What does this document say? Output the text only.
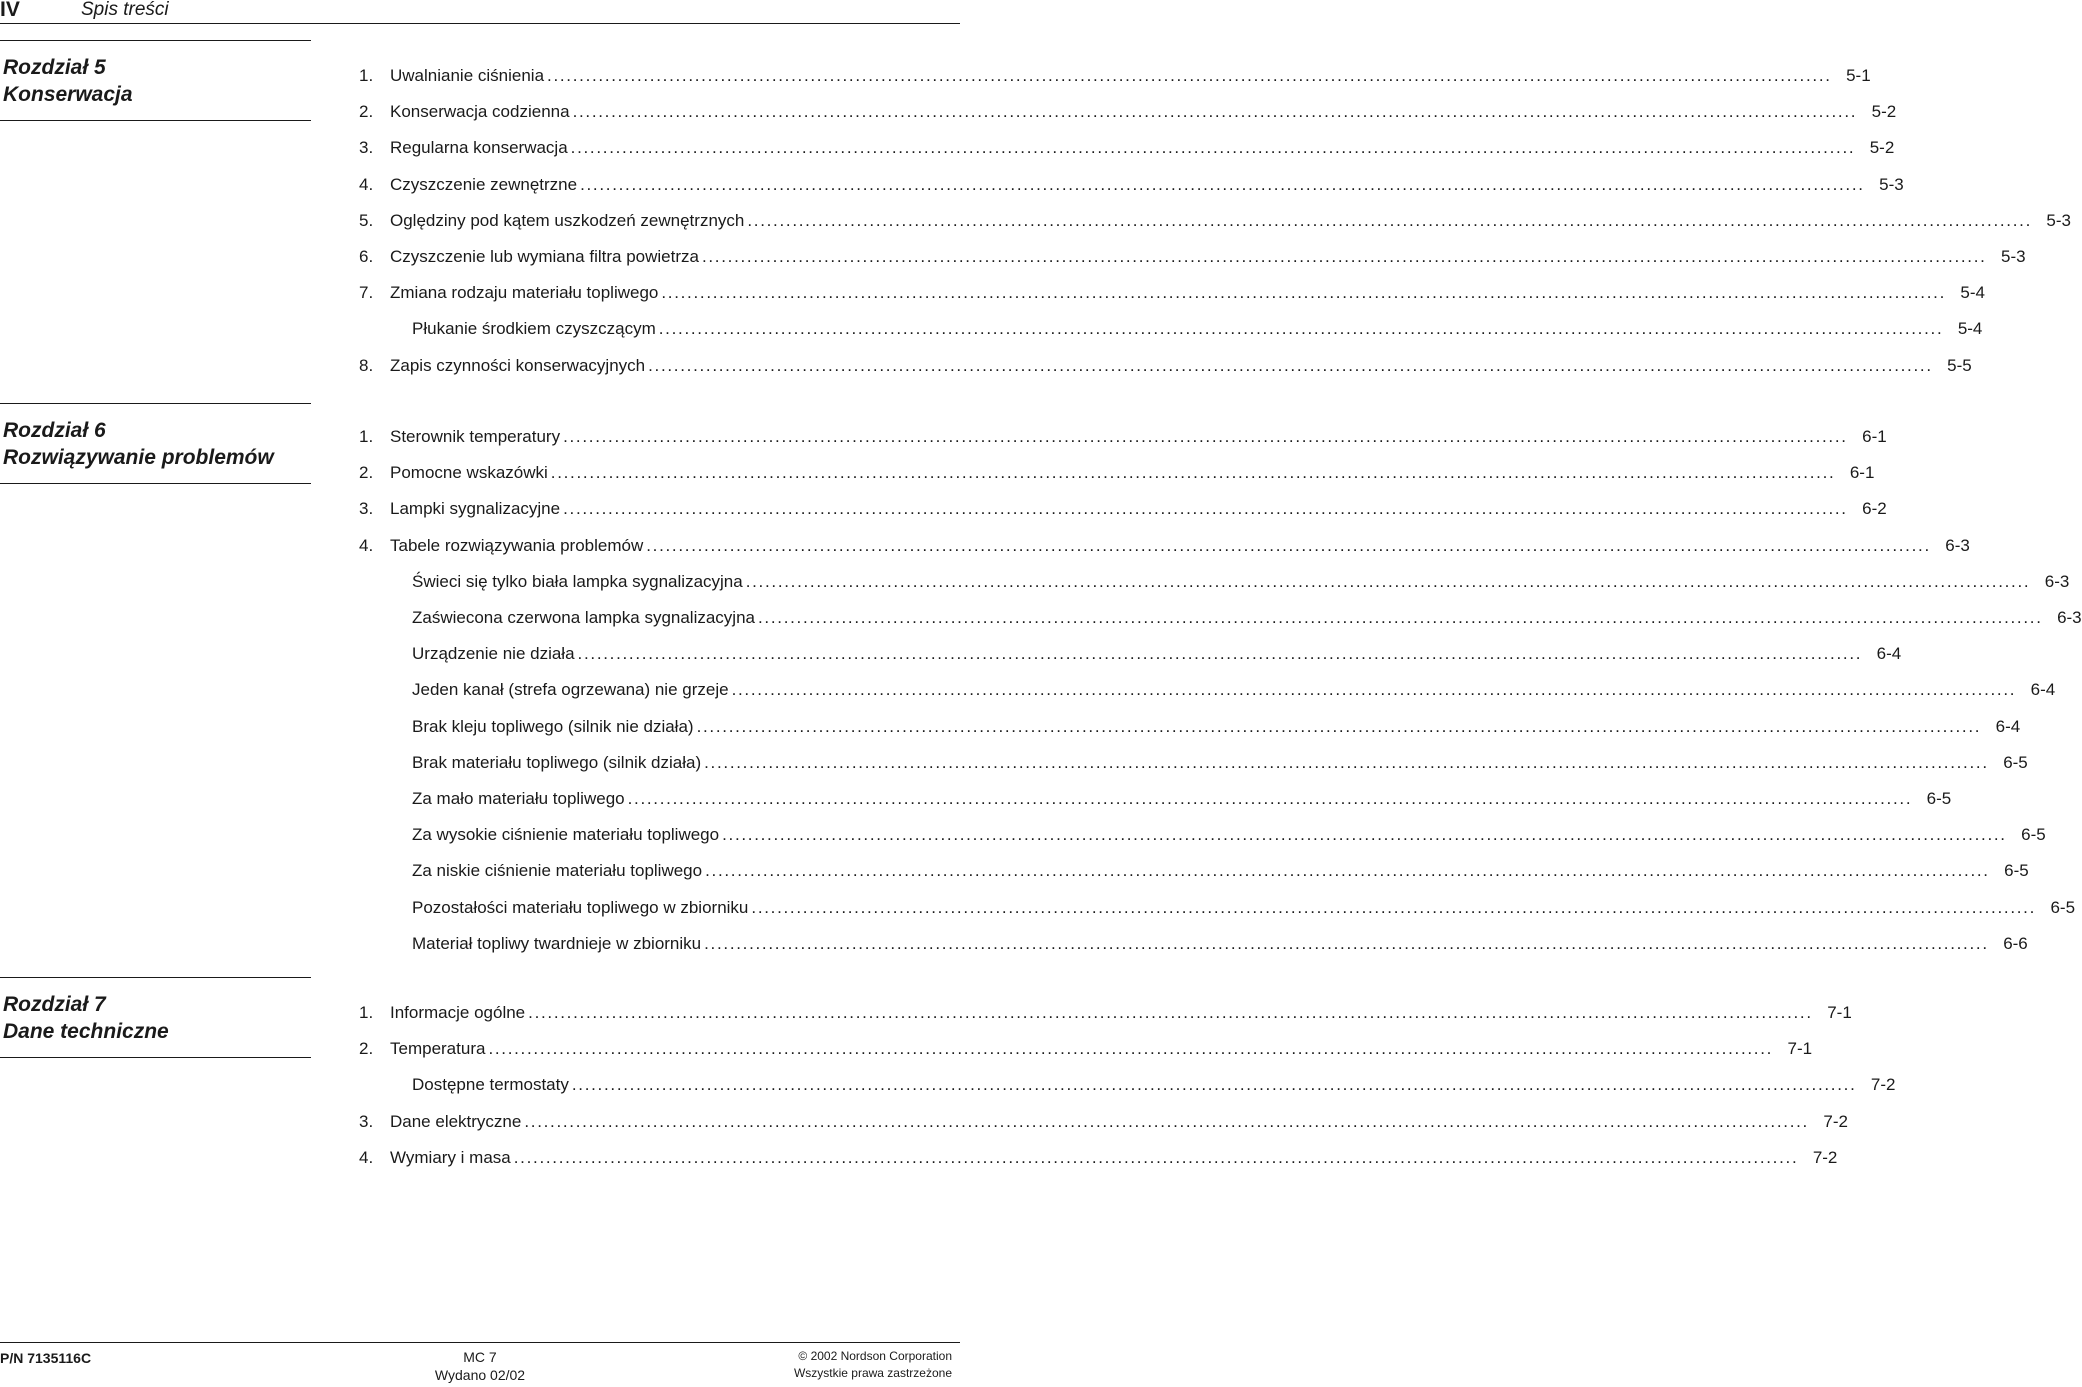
IV	Spis treści
Rozdział 5
Konserwacja
1. Uwalnianie ciśnienia ........................................................................................................................................................................................................ 5-1
2. Konserwacja codzienna ........................................................................................................................................................................................................ 5-2
3. Regularna konserwacja ........................................................................................................................................................................................................ 5-2
4. Czyszczenie zewnętrzne ........................................................................................................................................................................................................ 5-3
5. Oględziny pod kątem uszkodzeń zewnętrznych ........................................................................................................................................................................................................ 5-3
6. Czyszczenie lub wymiana filtra powietrza ........................................................................................................................................................................................................ 5-3
7. Zmiana rodzaju materiału topliwego ........................................................................................................................................................................................................ 5-4
Płukanie środkiem czyszczącym ........................................................................................................................................................................................................ 5-4
8. Zapis czynności konserwacyjnych ........................................................................................................................................................................................................ 5-5
Rozdział 6
Rozwiązywanie problemów
1. Sterownik temperatury ........................................................................................................................................................................................................ 6-1
2. Pomocne wskazówki ........................................................................................................................................................................................................ 6-1
3. Lampki sygnalizacyjne ........................................................................................................................................................................................................ 6-2
4. Tabele rozwiązywania problemów ........................................................................................................................................................................................................ 6-3
Świeci się tylko biała lampka sygnalizacyjna ........................................................................................................................................................................................................ 6-3
Zaświecona czerwona lampka sygnalizacyjna ........................................................................................................................................................................................................ 6-3
Urządzenie nie działa ........................................................................................................................................................................................................ 6-4
Jeden kanał (strefa ogrzewana) nie grzeje ........................................................................................................................................................................................................ 6-4
Brak kleju topliwego (silnik nie działa) ........................................................................................................................................................................................................ 6-4
Brak materiału topliwego (silnik działa) ........................................................................................................................................................................................................ 6-5
Za mało materiału topliwego ........................................................................................................................................................................................................ 6-5
Za wysokie ciśnienie materiału topliwego ........................................................................................................................................................................................................ 6-5
Za niskie ciśnienie materiału topliwego ........................................................................................................................................................................................................ 6-5
Pozostałości materiału topliwego w zbiorniku ........................................................................................................................................................................................................ 6-5
Materiał topliwy twardnieje w zbiorniku ........................................................................................................................................................................................................ 6-6
Rozdział 7
Dane techniczne
1. Informacje ogólne ........................................................................................................................................................................................................ 7-1
2. Temperatura ........................................................................................................................................................................................................ 7-1
Dostępne termostaty ........................................................................................................................................................................................................ 7-2
3. Dane elektryczne ........................................................................................................................................................................................................ 7-2
4. Wymiary i masa ........................................................................................................................................................................................................ 7-2
P/N 7135116C	MC 7
Wydano 02/02
© 2002 Nordson Corporation
Wszystkie prawa zastrzeżone
